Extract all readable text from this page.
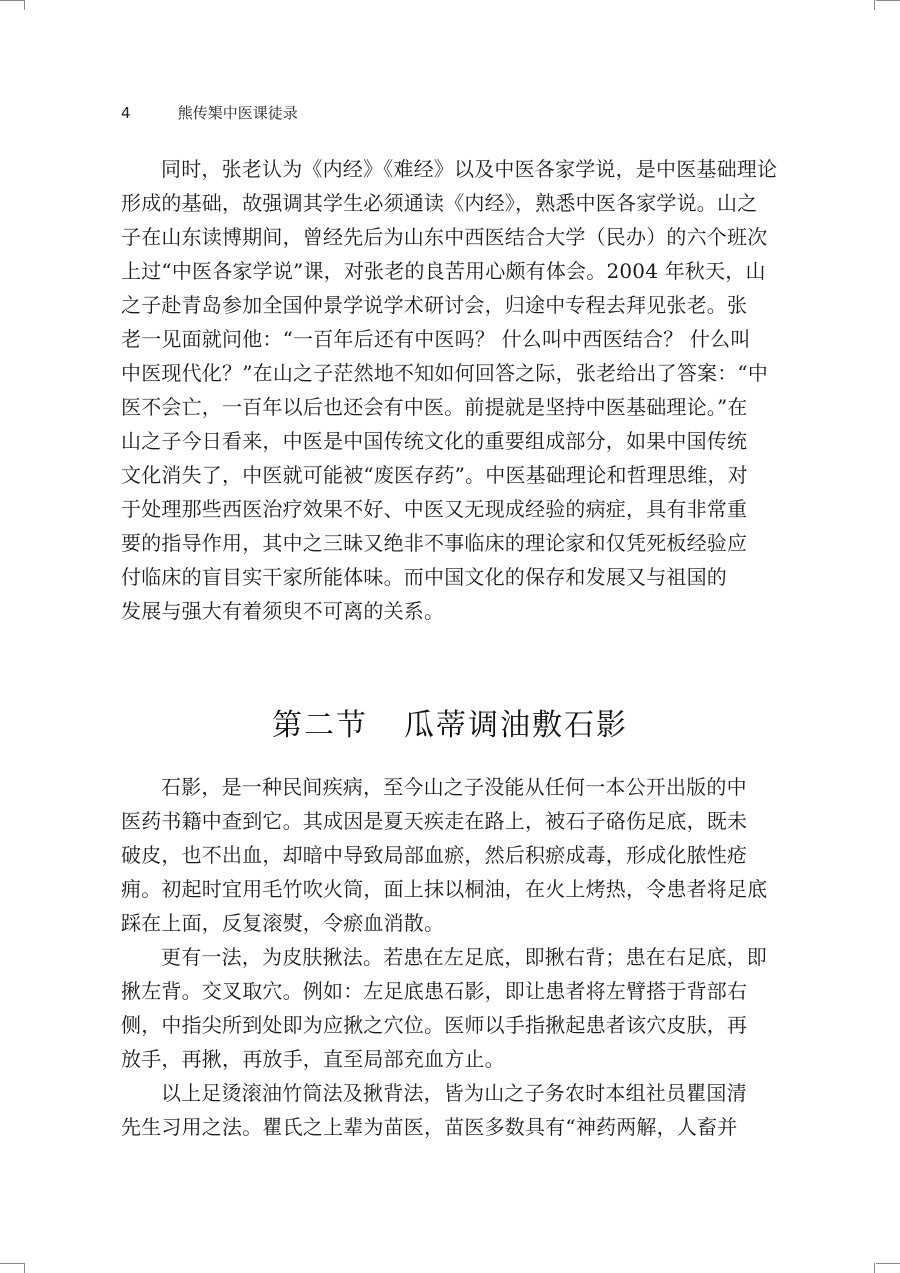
4	熊传榘中医课徒录
同时，张老认为《内经》《难经》以及中医各家学说，是中医基础理论
形成的基础，故强调其学生必须通读《内经》，熟悉中医各家学说。山之
子在山东读博期间，曾经先后为山东中西医结合大学（民办）的六个班次
上过“中医各家学说”课，对张老的良苦用心颇有体会。2004 年秋天，山
之子赴青岛参加全国仲景学说学术研讨会，归途中专程去拜见张老。张
老一见面就问他：“一百年后还有中医吗？ 什么叫中西医结合？ 什么叫
中医现代化？”在山之子茫然地不知如何回答之际，张老给出了答案：“中
医不会亡，一百年以后也还会有中医。前提就是坚持中医基础理论。”在
山之子今日看来，中医是中国传统文化的重要组成部分，如果中国传统
文化消失了，中医就可能被“废医存药”。中医基础理论和哲理思维，对
于处理那些西医治疗效果不好、中医又无现成经验的病症，具有非常重
要的指导作用，其中之三昧又绝非不事临床的理论家和仅凭死板经验应
付临床的盲目实干家所能体味。而中国文化的保存和发展又与祖国的
发展与强大有着须臾不可离的关系。
第二节 瓜蒂调油敷石影
石影，是一种民间疾病，至今山之子没能从任何一本公开出版的中
医药书籍中查到它。其成因是夏天疾走在路上，被石子硌伤足底，既未
破皮，也不出血，却暗中导致局部血瘀，然后积瘀成毒，形成化脓性疮
痈。初起时宜用毛竹吹火筒，面上抹以桐油，在火上烤热，令患者将足底
踩在上面，反复滚熨，令瘀血消散。
更有一法，为皮肤揪法。若患在左足底，即揪右背；患在右足底，即
揪左背。交叉取穴。例如：左足底患石影，即让患者将左臂搭于背部右
侧，中指尖所到处即为应揪之穴位。医师以手指揪起患者该穴皮肤，再
放手，再揪，再放手，直至局部充血方止。
以上足烫滚油竹筒法及揪背法，皆为山之子务农时本组社员瞿国清
先生习用之法。瞿氏之上辈为苗医，苗医多数具有“神药两解，人畜并
